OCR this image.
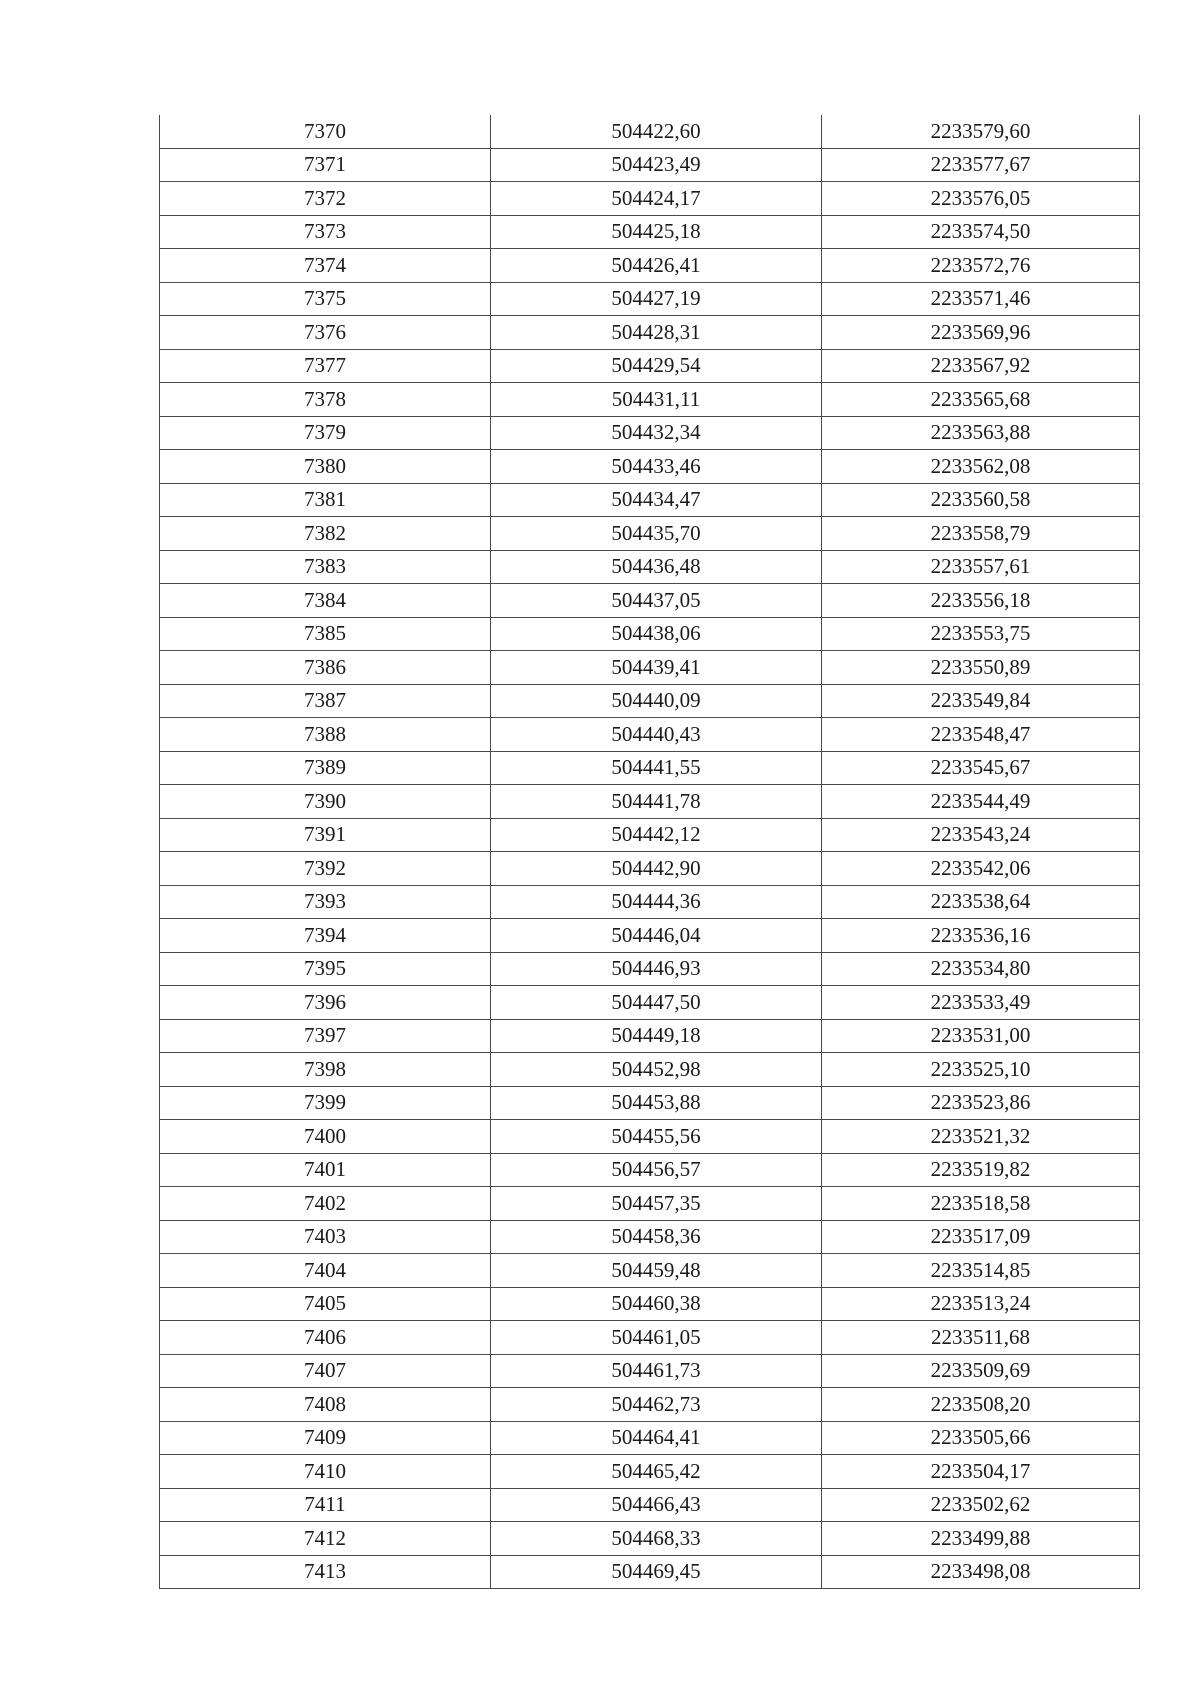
7370	504422,60	2233579,60
7371	504423,49	2233577,67
7372	504424,17	2233576,05
7373	504425,18	2233574,50
7374	504426,41	2233572,76
7375	504427,19	2233571,46
7376	504428,31	2233569,96
7377	504429,54	2233567,92
7378	504431,11	2233565,68
7379	504432,34	2233563,88
7380	504433,46	2233562,08
7381	504434,47	2233560,58
7382	504435,70	2233558,79
7383	504436,48	2233557,61
7384	504437,05	2233556,18
7385	504438,06	2233553,75
7386	504439,41	2233550,89
7387	504440,09	2233549,84
7388	504440,43	2233548,47
7389	504441,55	2233545,67
7390	504441,78	2233544,49
7391	504442,12	2233543,24
7392	504442,90	2233542,06
7393	504444,36	2233538,64
7394	504446,04	2233536,16
7395	504446,93	2233534,80
7396	504447,50	2233533,49
7397	504449,18	2233531,00
7398	504452,98	2233525,10
7399	504453,88	2233523,86
7400	504455,56	2233521,32
7401	504456,57	2233519,82
7402	504457,35	2233518,58
7403	504458,36	2233517,09
7404	504459,48	2233514,85
7405	504460,38	2233513,24
7406	504461,05	2233511,68
7407	504461,73	2233509,69
7408	504462,73	2233508,20
7409	504464,41	2233505,66
7410	504465,42	2233504,17
7411	504466,43	2233502,62
7412	504468,33	2233499,88
7413	504469,45	2233498,08
